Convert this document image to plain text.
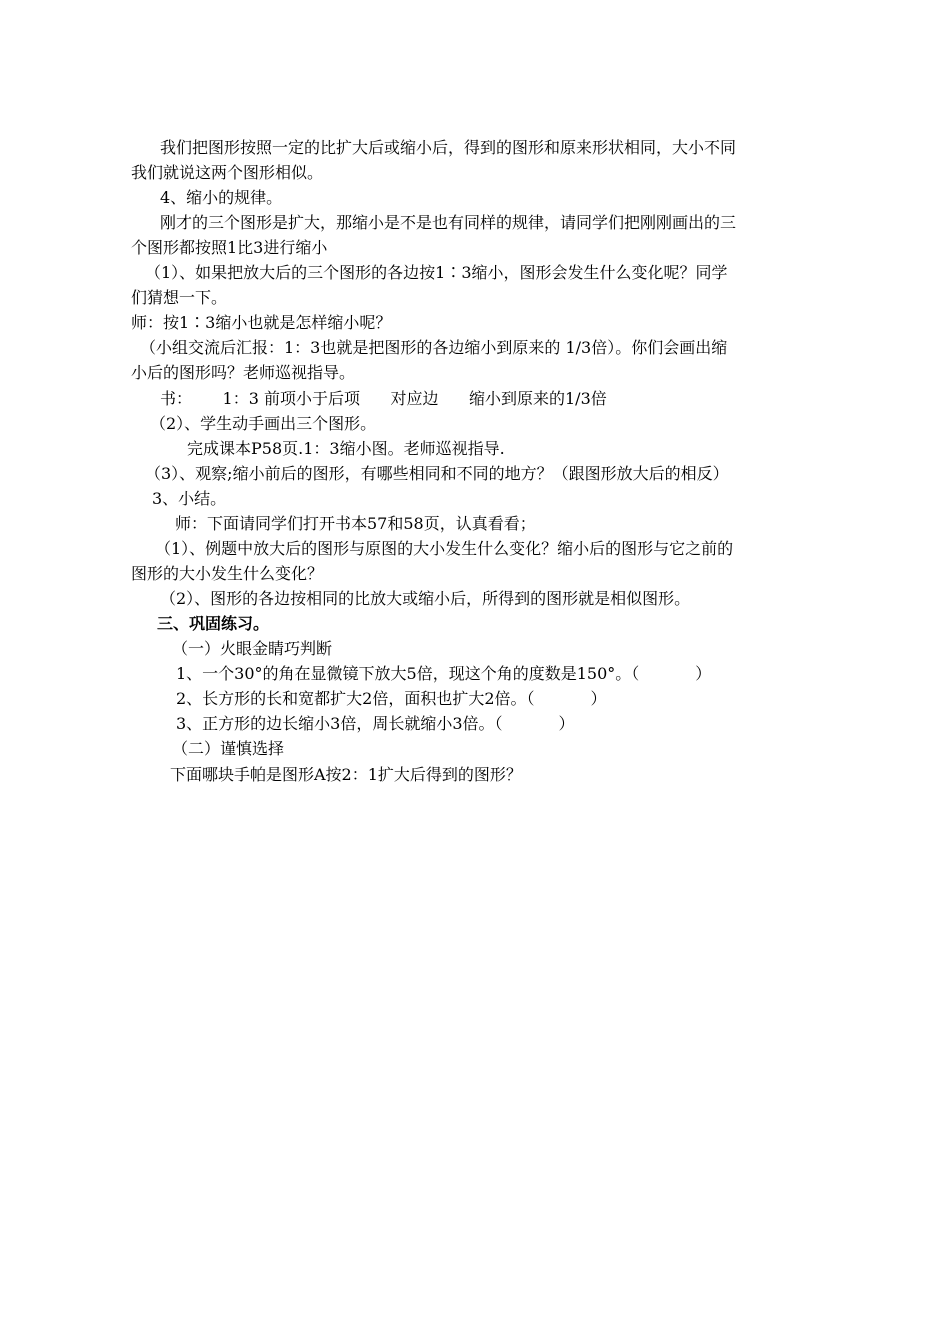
我们把图形按照一定的比扩大后或缩小后，得到的图形和原来形状相同，大小不同
我们就说这两个图形相似。
4、缩小的规律。
刚才的三个图形是扩大，那缩小是不是也有同样的规律，请同学们把刚刚画出的三
个图形都按照1比3进行缩小
（1）、如果把放大后的三个图形的各边按1∶3缩小，图形会发生什么变化呢？同学
们猜想一下。
师：按1∶3缩小也就是怎样缩小呢？
（小组交流后汇报：1：3也就是把图形的各边缩小到原来的 1/3倍）。你们会画出缩
小后的图形吗？老师巡视指导。
书：      1：3 前项小于后项      对应边      缩小到原来的1/3倍
（2）、学生动手画出三个图形。
完成课本P58页.1：3缩小图。老师巡视指导.
（3）、观察;缩小前后的图形，有哪些相同和不同的地方？（跟图形放大后的相反）
3、小结。
师：下面请同学们打开书本57和58页，认真看看；
（1）、例题中放大后的图形与原图的大小发生什么变化？缩小后的图形与它之前的
图形的大小发生什么变化？
（2）、图形的各边按相同的比放大或缩小后，所得到的图形就是相似图形。
三、巩固练习。
（一）火眼金睛巧判断
1、一个30°的角在显微镜下放大5倍，现这个角的度数是150°。（           ）
2、长方形的长和宽都扩大2倍，面积也扩大2倍。（           ）
3、正方形的边长缩小3倍，周长就缩小3倍。（           ）
（二）谨慎选择
下面哪块手帕是图形A按2：1扩大后得到的图形？
